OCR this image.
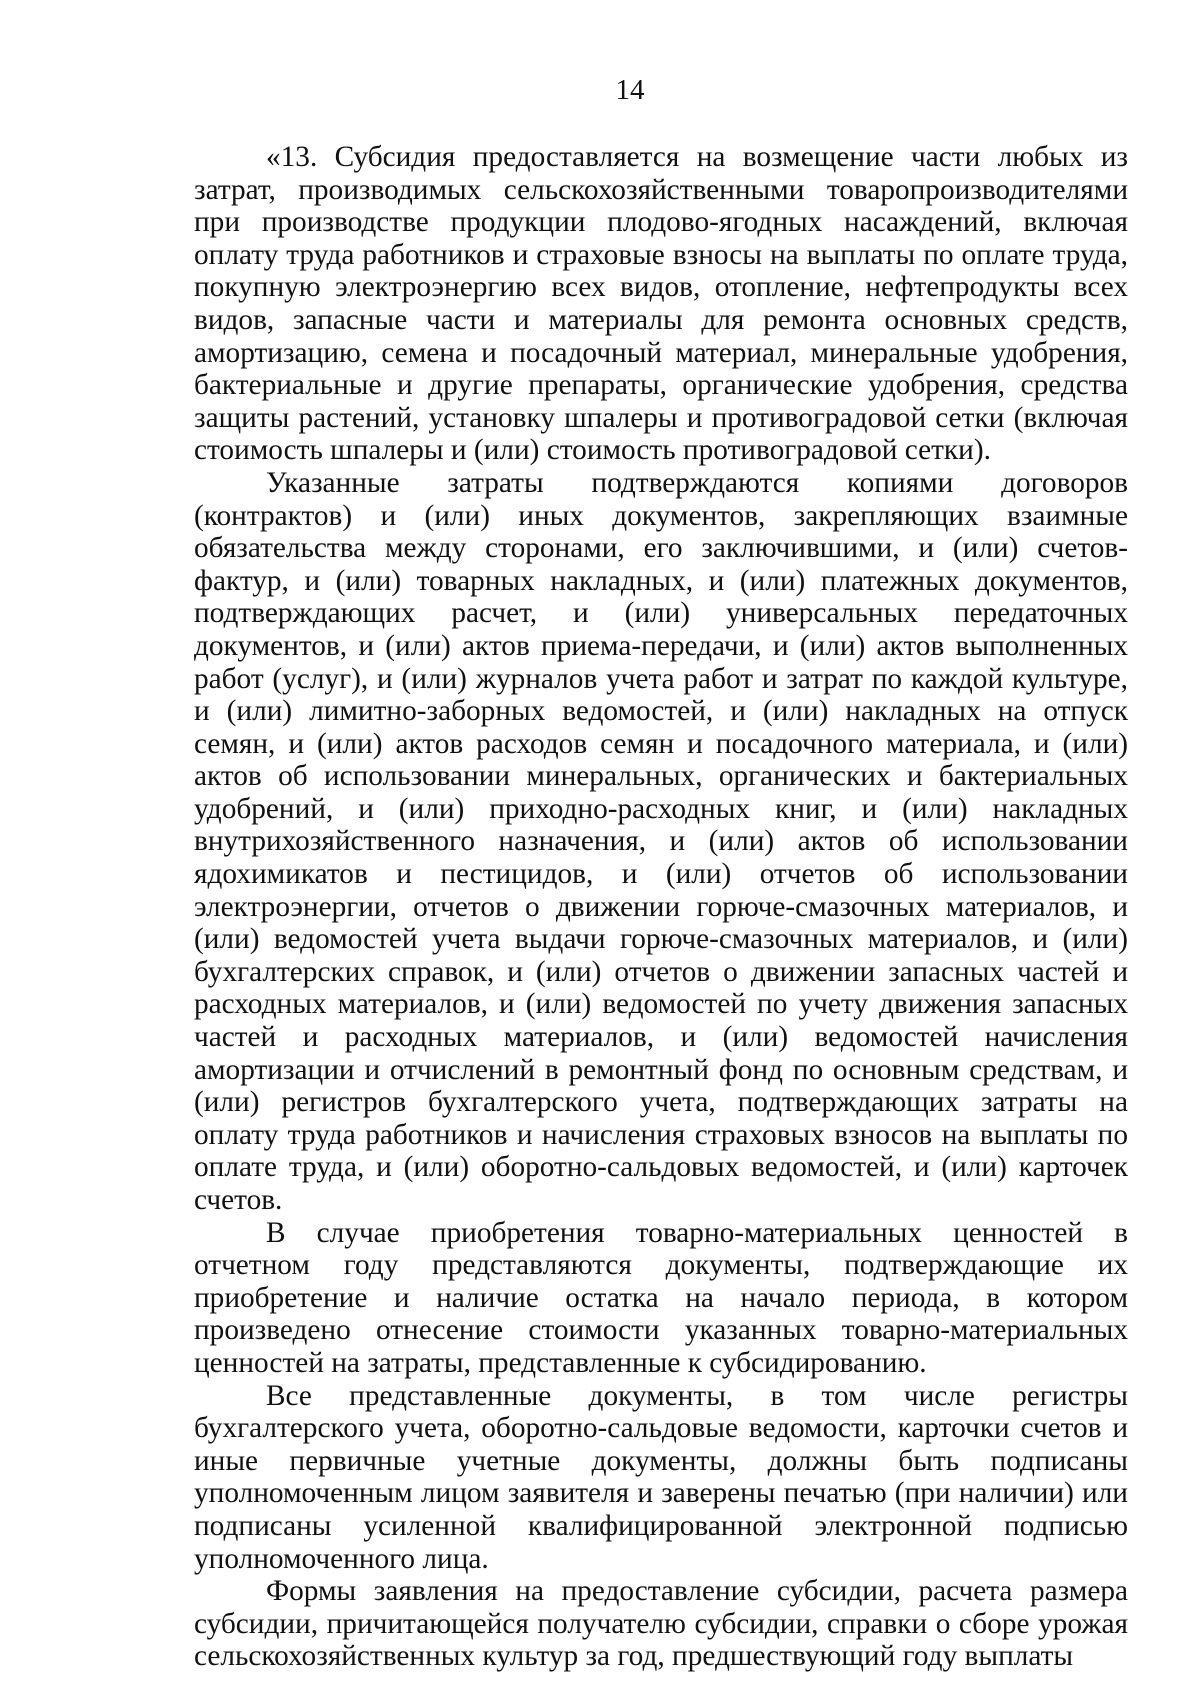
14

«13. Субсидия предоставляется на возмещение части любых из затрат, производимых сельскохозяйственными товаропроизводителями при производстве продукции плодово-ягодных насаждений, включая оплату труда работников и страховые взносы на выплаты по оплате труда, покупную электроэнергию всех видов, отопление, нефтепродукты всех видов, запасные части и материалы для ремонта основных средств, амортизацию, семена и посадочный материал, минеральные удобрения, бактериальные и другие препараты, органические удобрения, средства защиты растений, установку шпалеры и противоградовой сетки (включая стоимость шпалеры и (или) стоимость противоградовой сетки).

Указанные затраты подтверждаются копиями договоров (контрактов) и (или) иных документов, закрепляющих взаимные обязательства между сторонами, его заключившими, и (или) счетов-фактур, и (или) товарных накладных, и (или) платежных документов, подтверждающих расчет, и (или) универсальных передаточных документов, и (или) актов приема-передачи, и (или) актов выполненных работ (услуг), и (или) журналов учета работ и затрат по каждой культуре, и (или) лимитно-заборных ведомостей, и (или) накладных на отпуск семян, и (или) актов расходов семян и посадочного материала, и (или) актов об использовании минеральных, органических и бактериальных удобрений, и (или) приходно-расходных книг, и (или) накладных внутрихозяйственного назначения, и (или) актов об использовании ядохимикатов и пестицидов, и (или) отчетов об использовании электроэнергии, отчетов о движении горюче-смазочных материалов, и (или) ведомостей учета выдачи горюче-смазочных материалов, и (или) бухгалтерских справок, и (или) отчетов о движении запасных частей и расходных материалов, и (или) ведомостей по учету движения запасных частей и расходных материалов, и (или) ведомостей начисления амортизации и отчислений в ремонтный фонд по основным средствам, и (или) регистров бухгалтерского учета, подтверждающих затраты на оплату труда работников и начисления страховых взносов на выплаты по оплате труда, и (или) оборотно-сальдовых ведомостей, и (или) карточек счетов.

В случае приобретения товарно-материальных ценностей в отчетном году представляются документы, подтверждающие их приобретение и наличие остатка на начало периода, в котором произведено отнесение стоимости указанных товарно-материальных ценностей на затраты, представленные к субсидированию.

Все представленные документы, в том числе регистры бухгалтерского учета, оборотно-сальдовые ведомости, карточки счетов и иные первичные учетные документы, должны быть подписаны уполномоченным лицом заявителя и заверены печатью (при наличии) или подписаны усиленной квалифицированной электронной подписью уполномоченного лица.

Формы заявления на предоставление субсидии, расчета размера субсидии, причитающейся получателю субсидии, справки о сборе урожая сельскохозяйственных культур за год, предшествующий году выплаты
